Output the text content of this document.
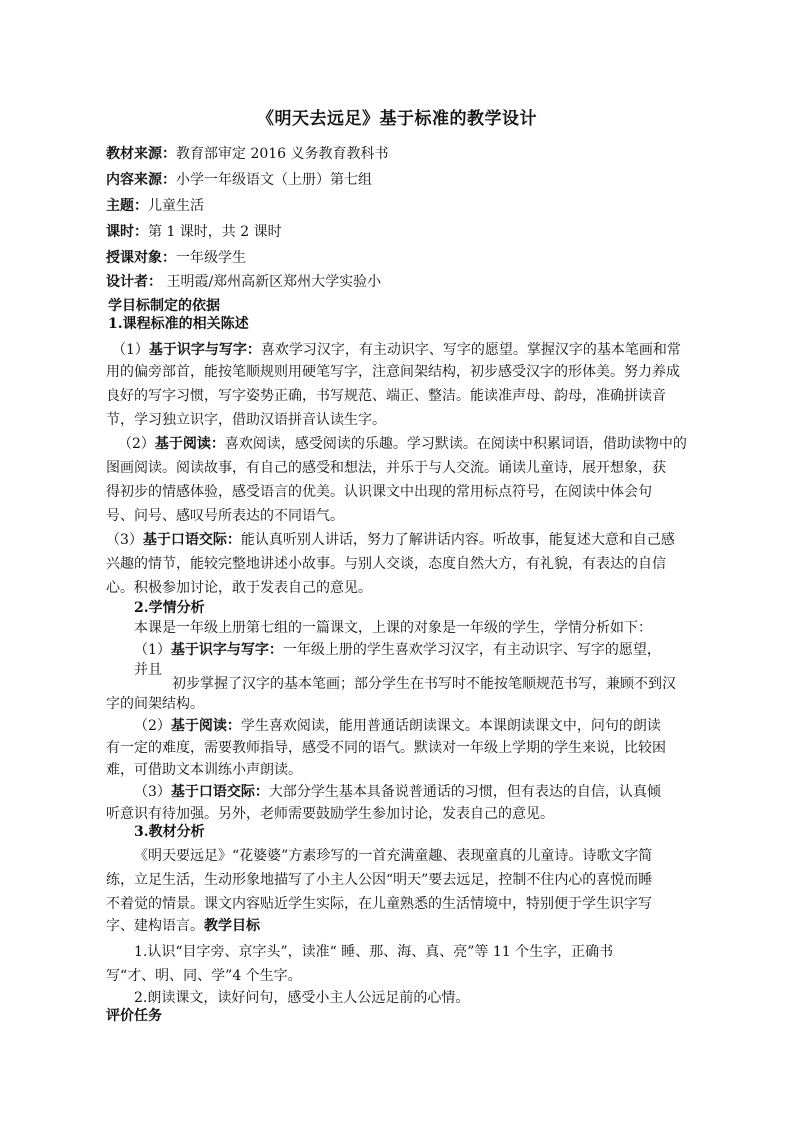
《明天去远足》基于标准的教学设计
教材来源：教育部审定 2016 义务教育教科书
内容来源：小学一年级语文（上册）第七组
主题：儿童生活
课时：第 1 课时，共 2 课时
授课对象：一年级学生
设计者： 王明霞/郑州高新区郑州大学实验小
学目标制定的依据
1.课程标准的相关陈述
（1）基于识字与写字：喜欢学习汉字，有主动识字、写字的愿望。掌握汉字的基本笔画和常
用的偏旁部首，能按笔顺规则用硬笔写字，注意间架结构，初步感受汉字的形体美。努力养成
良好的写字习惯，写字姿势正确，书写规范、端正、整洁。能读准声母、韵母，准确拼读音
节，学习独立识字，借助汉语拼音认读生字。
（2）基于阅读：喜欢阅读，感受阅读的乐趣。学习默读。在阅读中积累词语，借助读物中的
图画阅读。阅读故事，有自己的感受和想法，并乐于与人交流。诵读儿童诗，展开想象，获
得初步的情感体验，感受语言的优美。认识课文中出现的常用标点符号，在阅读中体会句
号、问号、感叹号所表达的不同语气。
（3）基于口语交际：能认真听别人讲话，努力了解讲话内容。听故事，能复述大意和自己感
兴趣的情节，能较完整地讲述小故事。与别人交谈，态度自然大方，有礼貌，有表达的自信
心。积极参加讨论，敢于发表自己的意见。
2.学情分析
本课是一年级上册第七组的一篇课文，上课的对象是一年级的学生，学情分析如下：
（1）基于识字与写字：一年级上册的学生喜欢学习汉字，有主动识字、写字的愿望，
并且
初步掌握了汉字的基本笔画；部分学生在书写时不能按笔顺规范书写，兼顾不到汉
字的间架结构。
（2）基于阅读：学生喜欢阅读，能用普通话朗读课文。本课朗读课文中，问句的朗读
有一定的难度，需要教师指导，感受不同的语气。默读对一年级上学期的学生来说，比较困
难，可借助文本训练小声朗读。
（3）基于口语交际：大部分学生基本具备说普通话的习惯，但有表达的自信，认真倾
听意识有待加强。另外，老师需要鼓励学生参加讨论，发表自己的意见。
3.教材分析
《明天要远足》“花婆婆”方素珍写的一首充满童趣、表现童真的儿童诗。诗歌文字简
练，立足生活，生动形象地描写了小主人公因“明天”要去远足，控制不住内心的喜悦而睡
不着觉的情景。课文内容贴近学生实际，在儿童熟悉的生活情境中，特别便于学生识字写
字、建构语言。教学目标
1.认识“目字旁、京字头”，读准“ 睡、那、海、真、亮”等 11 个生字，正确书
写“才、明、同、学”4 个生字。
2.朗读课文，读好问句，感受小主人公远足前的心情。
评价任务
